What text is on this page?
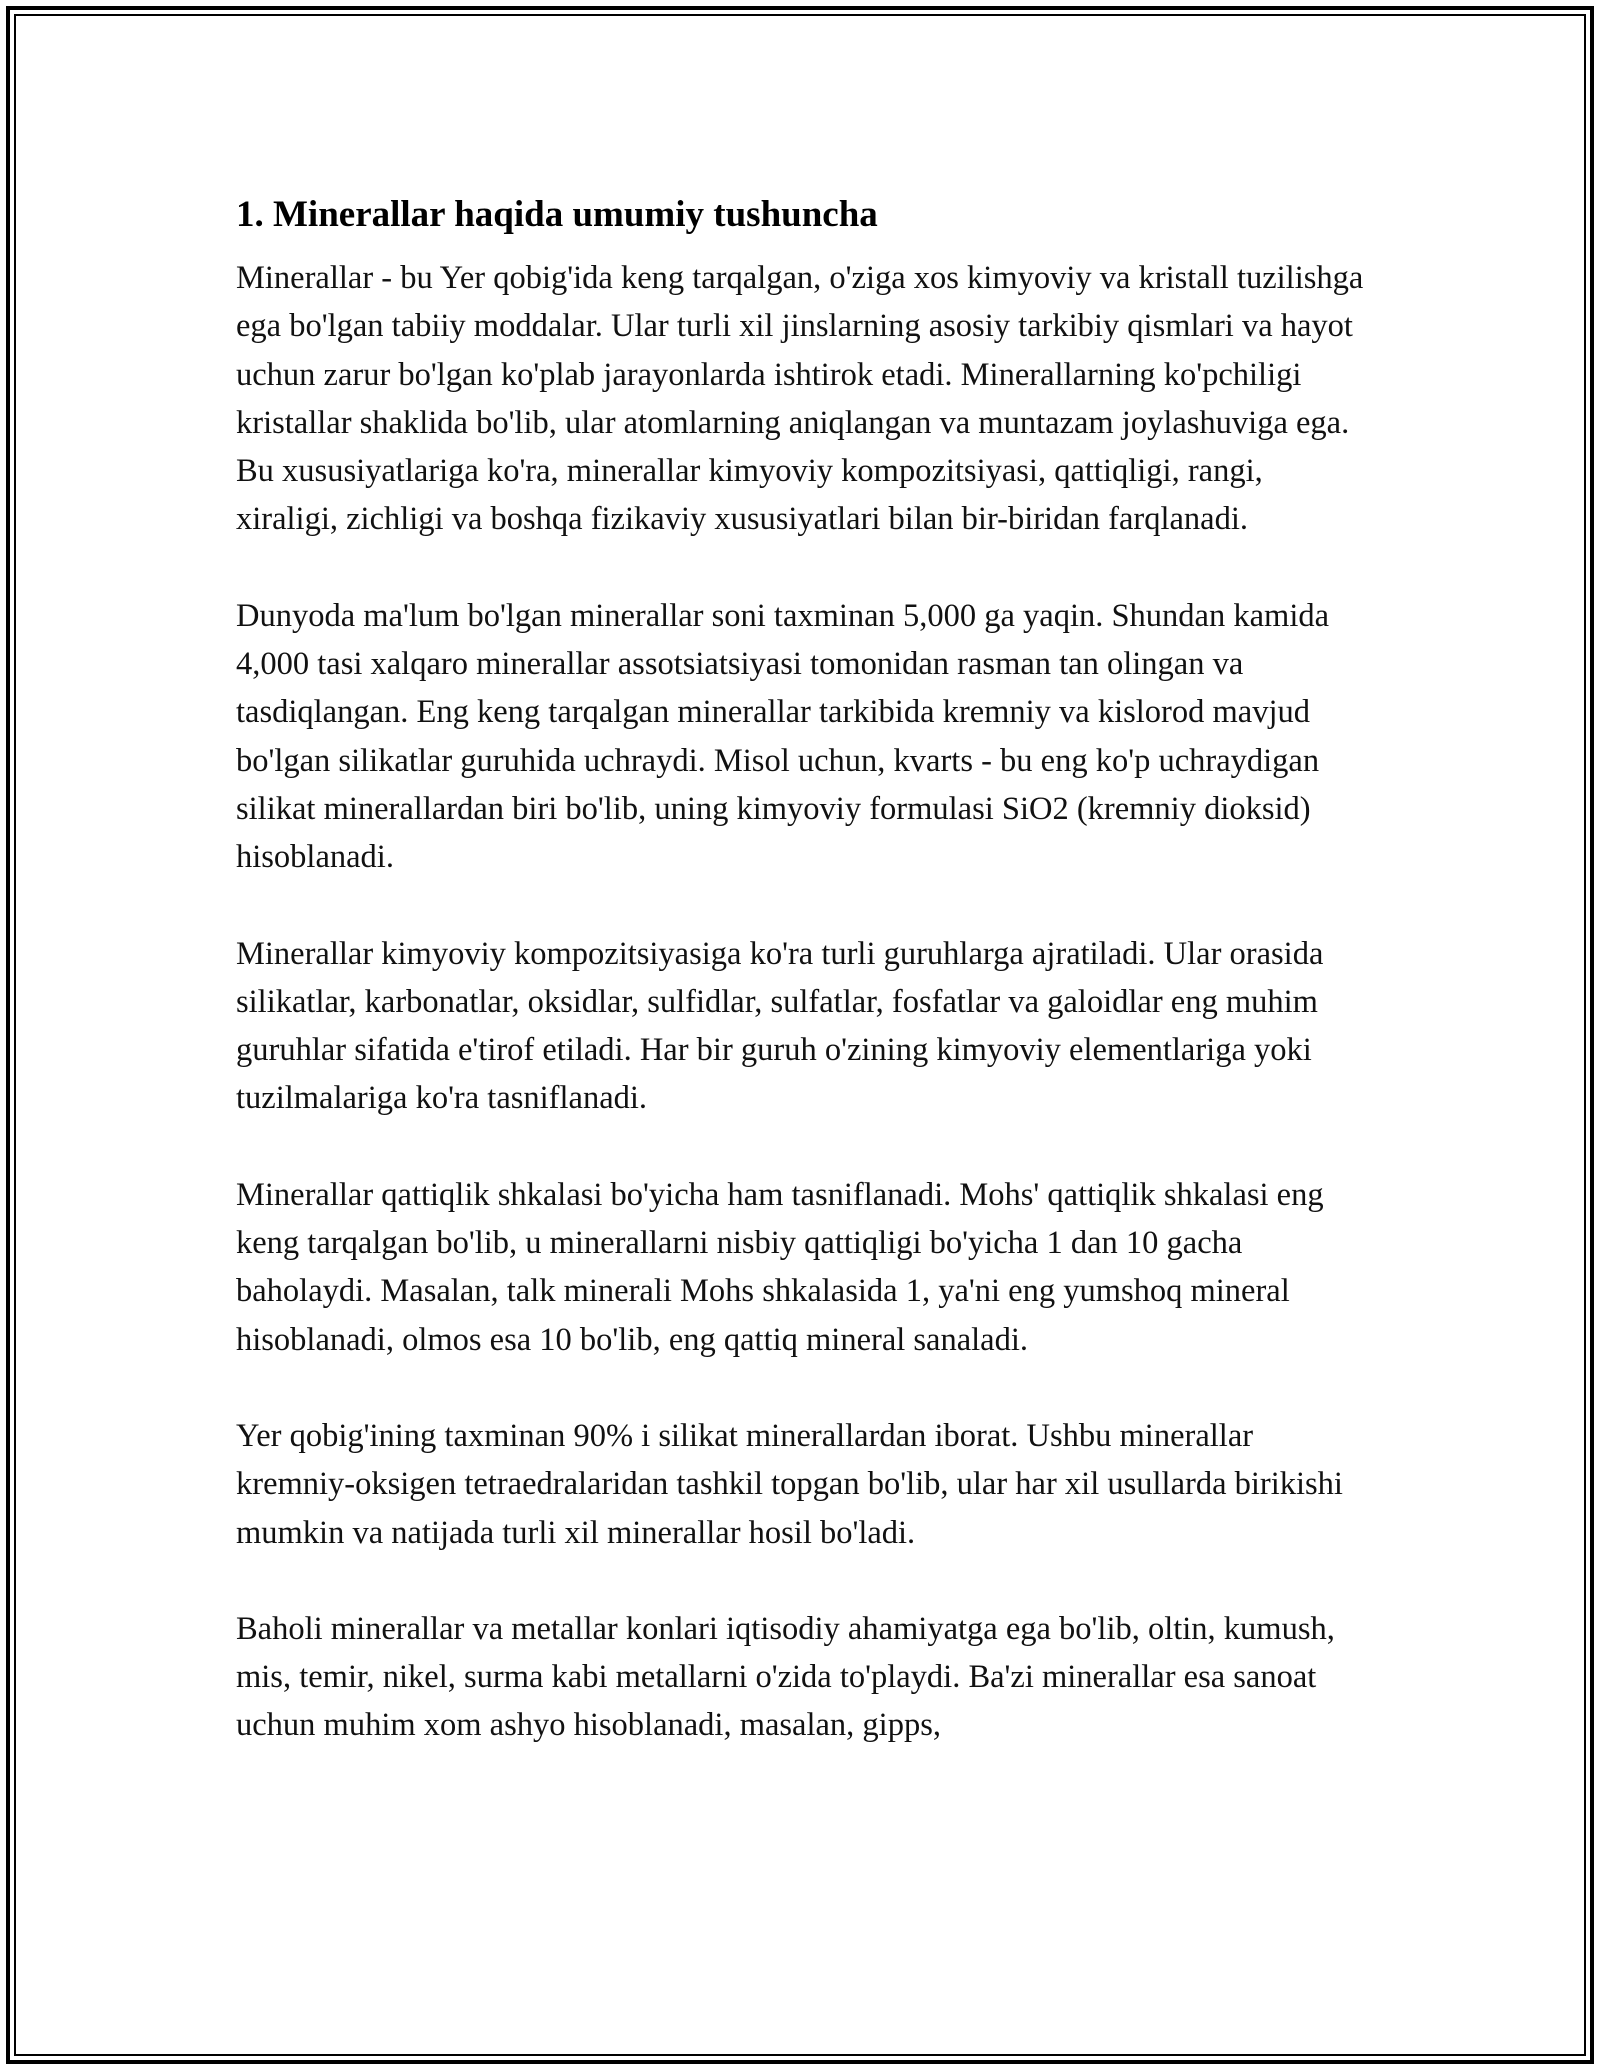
1. Minerallar haqida umumiy tushuncha

Minerallar - bu Yer qobig'ida keng tarqalgan, o'ziga xos kimyoviy va kristall tuzilishga ega bo'lgan tabiiy moddalar. Ular turli xil jinslarning asosiy tarkibiy qismlari va hayot uchun zarur bo'lgan ko'plab jarayonlarda ishtirok etadi. Minerallarning ko'pchiligi kristallar shaklida bo'lib, ular atomlarning aniqlangan va muntazam joylashuviga ega. Bu xususiyatlariga ko'ra, minerallar kimyoviy kompozitsiyasi, qattiqligi, rangi, xiraligi, zichligi va boshqa fizikaviy xususiyatlari bilan bir-biridan farqlanadi.

Dunyoda ma'lum bo'lgan minerallar soni taxminan 5,000 ga yaqin. Shundan kamida 4,000 tasi xalqaro minerallar assotsiatsiyasi tomonidan rasman tan olingan va tasdiqlangan. Eng keng tarqalgan minerallar tarkibida kremniy va kislorod mavjud bo'lgan silikatlar guruhida uchraydi. Misol uchun, kvarts - bu eng ko'p uchraydigan silikat minerallardan biri bo'lib, uning kimyoviy formulasi SiO2 (kremniy dioksid) hisoblanadi.

Minerallar kimyoviy kompozitsiyasiga ko'ra turli guruhlarga ajratiladi. Ular orasida silikatlar, karbonatlar, oksidlar, sulfidlar, sulfatlar, fosfatlar va galoidlar eng muhim guruhlar sifatida e'tirof etiladi. Har bir guruh o'zining kimyoviy elementlariga yoki tuzilmalariga ko'ra tasniflanadi.

Minerallar qattiqlik shkalasi bo'yicha ham tasniflanadi. Mohs' qattiqlik shkalasi eng keng tarqalgan bo'lib, u minerallarni nisbiy qattiqligi bo'yicha 1 dan 10 gacha baholaydi. Masalan, talk minerali Mohs shkalasida 1, ya'ni eng yumshoq mineral hisoblanadi, olmos esa 10 bo'lib, eng qattiq mineral sanaladi.

Yer qobig'ining taxminan 90% i silikat minerallardan iborat. Ushbu minerallar kremniy-oksigen tetraedralaridan tashkil topgan bo'lib, ular har xil usullarda birikishi mumkin va natijada turli xil minerallar hosil bo'ladi.

Baholi minerallar va metallar konlari iqtisodiy ahamiyatga ega bo'lib, oltin, kumush, mis, temir, nikel, surma kabi metallarni o'zida to'playdi. Ba'zi minerallar esa sanoat uchun muhim xom ashyo hisoblanadi, masalan, gipps,
